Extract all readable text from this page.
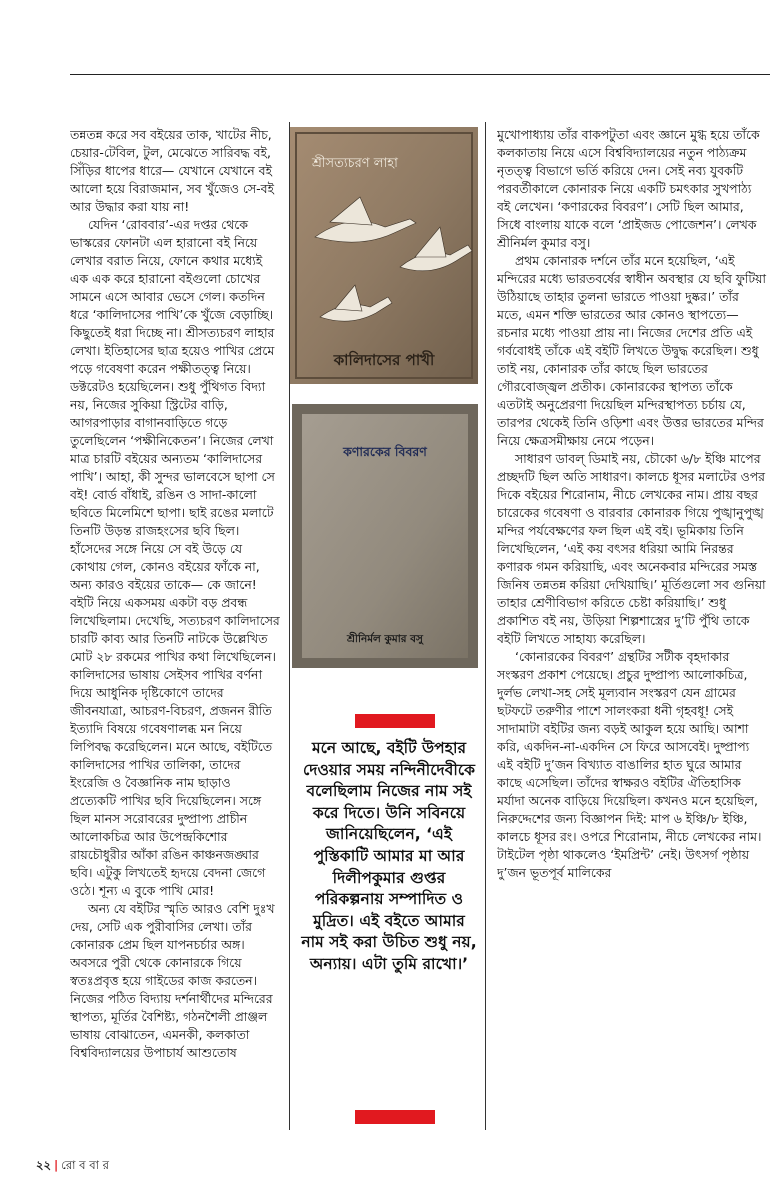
তন্নতন্ন করে সব বইয়ের তাক, খাটের নীচ, চেয়ার-টেবিল, টুল, মেঝেতে সারিবদ্ধ বই, সিঁড়ির ধাপের ধারে— যেখানে যেখানে বই আলো হয়ে বিরাজমান, সব খুঁজেও সে-বই আর উদ্ধার করা যায় না!

যেদিন ‘রোববার’-এর দপ্তর থেকে ভাস্করের ফোনটা এল হারানো বই নিয়ে লেখার বরাত নিয়ে, ফোনে কথার মধ্যেই এক এক করে হারানো বইগুলো চোখের সামনে এসে আবার ভেসে গেল। কতদিন ধরে ‘কালিদাসের পাখি’কে খুঁজে বেড়াচ্ছি। কিছুতেই ধরা দিচ্ছে না। শ্রীসত্যচরণ লাহার লেখা। ইতিহাসের ছাত্র হয়েও পাখির প্রেমে পড়ে গবেষণা করেন পক্ষীতত্ত্ব নিয়ে। ডক্টরেটও হয়েছিলেন। শুধু পুঁথিগত বিদ্যা নয়, নিজের সুকিয়া স্ট্রিটের বাড়ি, আগরপাড়ার বাগানবাড়িতে গড়ে তুলেছিলেন ‘পক্ষীনিকেতন’। নিজের লেখা মাত্র চারটি বইয়ের অন্যতম ‘কালিদাসের পাখি’। আহা, কী সুন্দর ভালবেসে ছাপা সে বই! বোর্ড বাঁধাই, রঙিন ও সাদা-কালো ছবিতে মিলেমিশে ছাপা। ছাই রঙের মলাটে তিনটি উড়ন্ত রাজহংসের ছবি ছিল। হাঁসেদের সঙ্গে নিয়ে সে বই উড়ে যে কোথায় গেল, কোনও বইয়ের ফাঁকে না, অন্য কারও বইয়ের তাকে— কে জানে! বইটি নিয়ে একসময় একটা বড় প্রবন্ধ লিখেছিলাম। দেখেছি, সত্যচরণ কালিদাসের চারটি কাব্য আর তিনটি নাটকে উল্লেখিত মোট ২৮ রকমের পাখির কথা লিখেছিলেন। কালিদাসের ভাষায় সেইসব পাখির বর্ণনা দিয়ে আধুনিক দৃষ্টিকোণে তাদের জীবনযাত্রা, আচরণ-বিচরণ, প্রজনন রীতি ইত্যাদি বিষয়ে গবেষণালব্ধ মন নিয়ে লিপিবদ্ধ করেছিলেন। মনে আছে, বইটিতে কালিদাসের পাখির তালিকা, তাদের ইংরেজি ও বৈজ্ঞানিক নাম ছাড়াও প্রত্যেকটি পাখির ছবি দিয়েছিলেন। সঙ্গে ছিল মানস সরোবরের দুষ্প্রাপ্য প্রাচীন আলোকচিত্র আর উপেন্দ্রকিশোর রায়চৌধুরীর আঁকা রঙিন কাঞ্চনজঙ্ঘার ছবি। এটুকু লিখতেই হৃদয়ে বেদনা জেগে ওঠে। শূন্য এ বুকে পাখি মোর!

অন্য যে বইটির স্মৃতি আরও বেশি দুঃখ দেয়, সেটি এক পুরীবাসির লেখা। তাঁর কোনারক প্রেম ছিল যাপনচর্চার অঙ্গ। অবসরে পুরী থেকে কোনারকে গিয়ে স্বতঃপ্রবৃত্ত হয়ে গাইডের কাজ করতেন। নিজের পঠিত বিদ্যায় দর্শনার্থীদের মন্দিরের স্থাপত্য, মূর্তির বৈশিষ্ট্য, গঠনশৈলী প্রাঞ্জল ভাষায় বোঝাতেন, এমনকী, কলকাতা বিশ্ববিদ্যালয়ের উপাচার্য আশুতোষ

শ্রীসত্যচরণ লাহা
কালিদাসের পাখী
কণারকের বিবরণ
শ্রীনির্মল কুমার বসু
মনে আছে, বইটি উপহার দেওয়ার সময় নন্দিনীদেবীকে বলেছিলাম নিজের নাম সই করে দিতে। উনি সবিনয়ে জানিয়েছিলেন, ‘এই পুস্তিকাটি আমার মা আর দিলীপকুমার গুপ্তর পরিকল্পনায় সম্পাদিত ও মুদ্রিত। এই বইতে আমার নাম সই করা উচিত শুধু নয়, অন্যায়। এটা তুমি রাখো।’

মুখোপাধ্যায় তাঁর বাকপটুতা এবং জ্ঞানে মুগ্ধ হয়ে তাঁকে কলকাতায় নিয়ে এসে বিশ্ববিদ্যালয়ের নতুন পাঠ্যক্রম নৃতত্ত্ব বিভাগে ভর্তি করিয়ে দেন। সেই নব্য যুবকটি পরবর্তীকালে কোনারক নিয়ে একটি চমৎকার সুখপাঠ্য বই লেখেন। ‘কণারকের বিবরণ’। সেটি ছিল আমার, সিধে বাংলায় যাকে বলে ‘প্রাইজড পোজেশন’। লেখক শ্রীনির্মল কুমার বসু।

প্রথম কোনারক দর্শনে তাঁর মনে হয়েছিল, ‘এই মন্দিরের মধ্যে ভারতবর্ষের স্বাধীন অবস্থার যে ছবি ফুটিয়া উঠিয়াছে তাহার তুলনা ভারতে পাওয়া দুষ্কর।’ তাঁর মতে, এমন শক্তি ভারতের আর কোনও স্থাপত্যে— রচনার মধ্যে পাওয়া প্রায় না। নিজের দেশের প্রতি এই গর্ববোধই তাঁকে এই বইটি লিখতে উদ্বুদ্ধ করেছিল। শুধু তাই নয়, কোনারক তাঁর কাছে ছিল ভারতের গৌরবোজ্জ্বল প্রতীক। কোনারকের স্থাপত্য তাঁকে এতটাই অনুপ্রেরণা দিয়েছিল মন্দিরস্থাপত্য চর্চায় যে, তারপর থেকেই তিনি ওড়িশা এবং উত্তর ভারতের মন্দির নিয়ে ক্ষেত্রসমীক্ষায় নেমে পড়েন।

সাধারণ ডাবল্ ডিমাই নয়, চৌকো ৬/৮ ইঞ্চি মাপের প্রচ্ছদটি ছিল অতি সাধারণ। কালচে ধূসর মলাটের ওপর দিকে বইয়ের শিরোনাম, নীচে লেখকের নাম। প্রায় বছর চারেকের গবেষণা ও বারবার কোনারক গিয়ে পুঙ্খানুপুঙ্খ মন্দির পর্যবেক্ষণের ফল ছিল এই বই। ভূমিকায় তিনি লিখেছিলেন, ‘এই কয় বৎসর ধরিয়া আমি নিরন্তর কণারক গমন করিয়াছি, এবং অনেকবার মন্দিরের সমস্ত জিনিষ তন্নতন্ন করিয়া দেখিয়াছি।’ মূর্তিগুলো সব গুনিয়া তাহার শ্রেণীবিভাগ করিতে চেষ্টা করিয়াছি।’ শুধু প্রকাশিত বই নয়, উড়িয়া শিল্পশাস্ত্রের দু’টি পুঁথি তাকে বইটি লিখতে সাহায্য করেছিল।

‘কোনারকের বিবরণ’ গ্রন্থটির সটীক বৃহদাকার সংস্করণ প্রকাশ পেয়েছে। প্রচুর দুষ্প্রাপ্য আলোকচিত্র, দুর্লভ লেখা-সহ সেই মূল্যবান সংস্করণ যেন গ্রামের ছটফটে তরুণীর পাশে সালংকরা ধনী গৃহবধূ! সেই সাদামাটা বইটির জন্য বড়ই আকুল হয়ে আছি। আশা করি, একদিন-না-একদিন সে ফিরে আসবেই। দুষ্প্রাপ্য এই বইটি দু’জন বিখ্যাত বাঙালির হাত ঘুরে আমার কাছে এসেছিল। তাঁদের স্বাক্ষরও বইটির ঐতিহাসিক মর্যাদা অনেক বাড়িয়ে দিয়েছিল। কখনও মনে হয়েছিল, নিরুদ্দেশের জন্য বিজ্ঞাপন দিই: মাপ ৬ ইঞ্চি/৮ ইঞ্চি, কালচে ধূসর রং। ওপরে শিরোনাম, নীচে লেখকের নাম। টাইটেল পৃষ্ঠা থাকলেও ‘ইমপ্রিন্ট’ নেই। উৎসর্গ পৃষ্ঠায় দু’জন ভূতপূর্ব মালিকের

২২ | রো ব বা র
